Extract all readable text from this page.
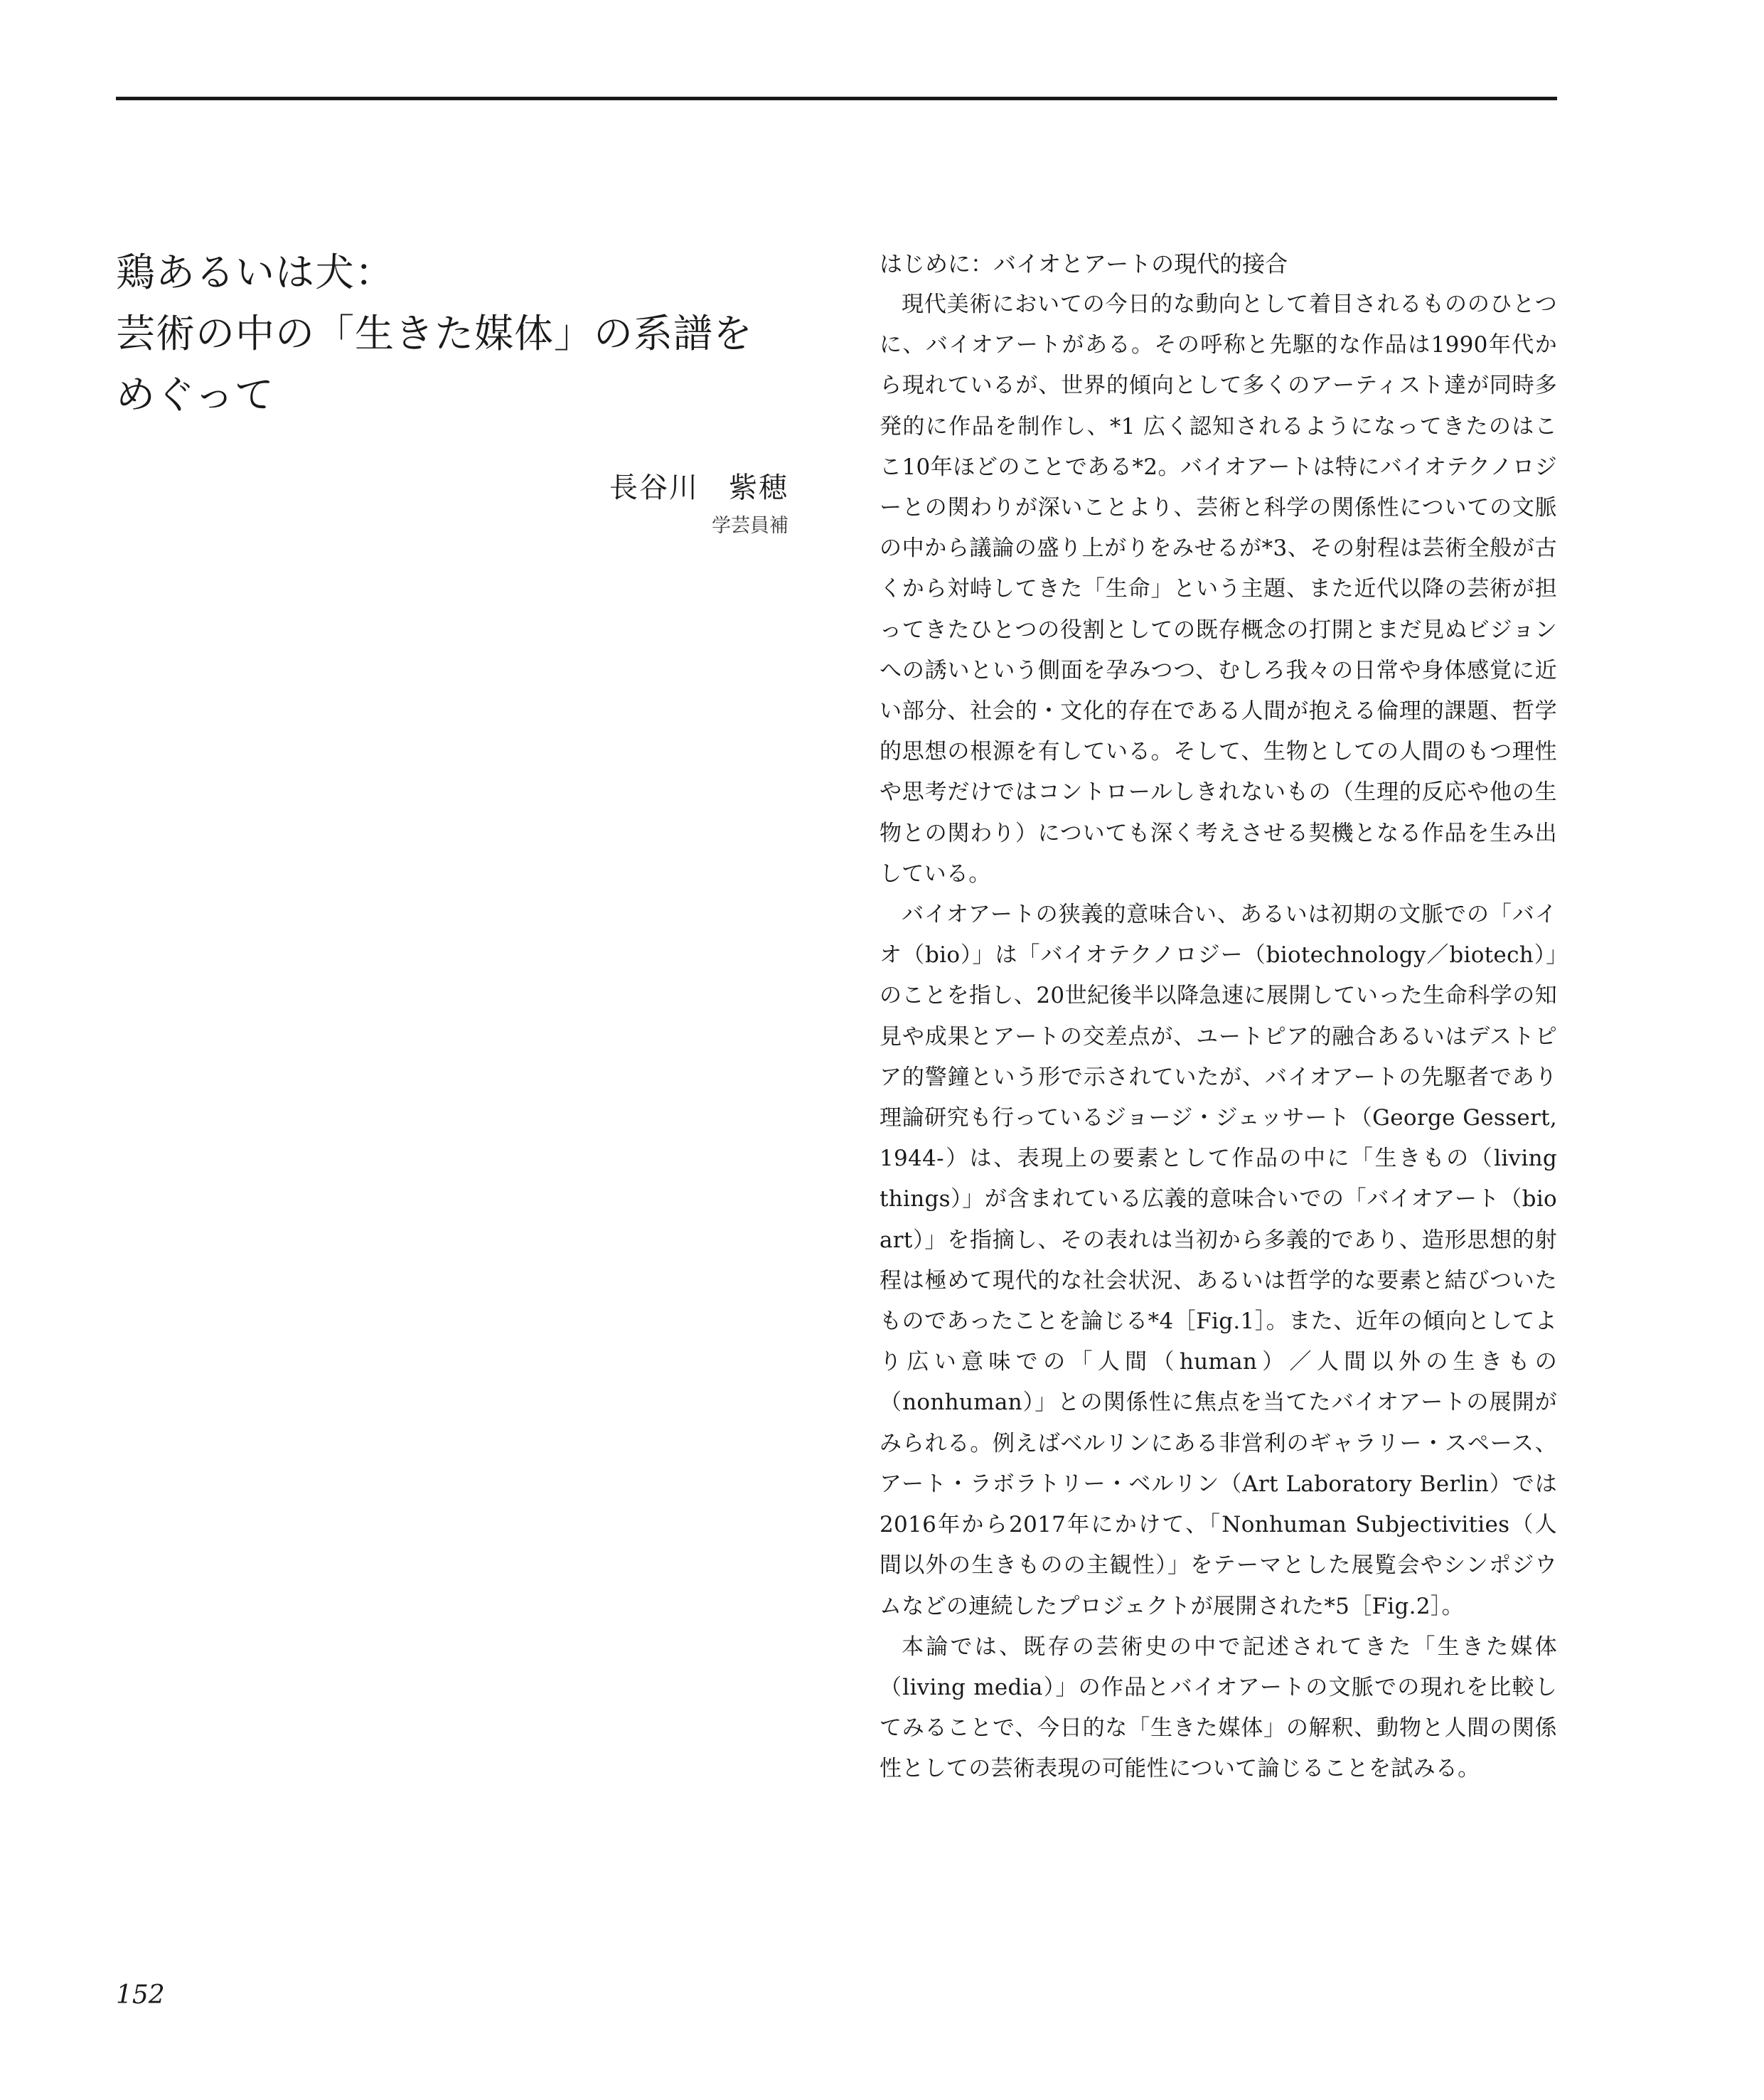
鶏あるいは犬：
芸術の中の「生きた媒体」の系譜を
めぐって
長谷川　紫穂
学芸員補
はじめに：バイオとアートの現代的接合

現代美術においての今日的な動向として着目されるもののひとつに、バイオアートがある。その呼称と先駆的な作品は1990年代から現れているが、世界的傾向として多くのアーティスト達が同時多発的に作品を制作し、*1 広く認知されるようになってきたのはここ10年ほどのことである*2。バイオアートは特にバイオテクノロジーとの関わりが深いことより、芸術と科学の関係性についての文脈の中から議論の盛り上がりをみせるが*3、その射程は芸術全般が古くから対峙してきた「生命」という主題、また近代以降の芸術が担ってきたひとつの役割としての既存概念の打開とまだ見ぬビジョンへの誘いという側面を孕みつつ、むしろ我々の日常や身体感覚に近い部分、社会的・文化的存在である人間が抱える倫理的課題、哲学的思想の根源を有している。そして、生物としての人間のもつ理性や思考だけではコントロールしきれないもの（生理的反応や他の生物との関わり）についても深く考えさせる契機となる作品を生み出している。

バイオアートの狭義的意味合い、あるいは初期の文脈での「バイオ（bio）」は「バイオテクノロジー（biotechnology／biotech）」のことを指し、20世紀後半以降急速に展開していった生命科学の知見や成果とアートの交差点が、ユートピア的融合あるいはデストピア的警鐘という形で示されていたが、バイオアートの先駆者であり理論研究も行っているジョージ・ジェッサート（George Gessert, 1944-）は、表現上の要素として作品の中に「生きもの（living things）」が含まれている広義的意味合いでの「バイオアート（bio art）」を指摘し、その表れは当初から多義的であり、造形思想的射程は極めて現代的な社会状況、あるいは哲学的な要素と結びついたものであったことを論じる*4［Fig.1］。また、近年の傾向としてより広い意味での「人間（human）／人間以外の生きもの（nonhuman）」との関係性に焦点を当てたバイオアートの展開がみられる。例えばベルリンにある非営利のギャラリー・スペース、アート・ラボラトリー・ベルリン（Art Laboratory Berlin）では2016年から2017年にかけて、「Nonhuman Subjectivities（人間以外の生きものの主観性）」をテーマとした展覧会やシンポジウムなどの連続したプロジェクトが展開された*5［Fig.2］。

本論では、既存の芸術史の中で記述されてきた「生きた媒体（living media）」の作品とバイオアートの文脈での現れを比較してみることで、今日的な「生きた媒体」の解釈、動物と人間の関係性としての芸術表現の可能性について論じることを試みる。

152
